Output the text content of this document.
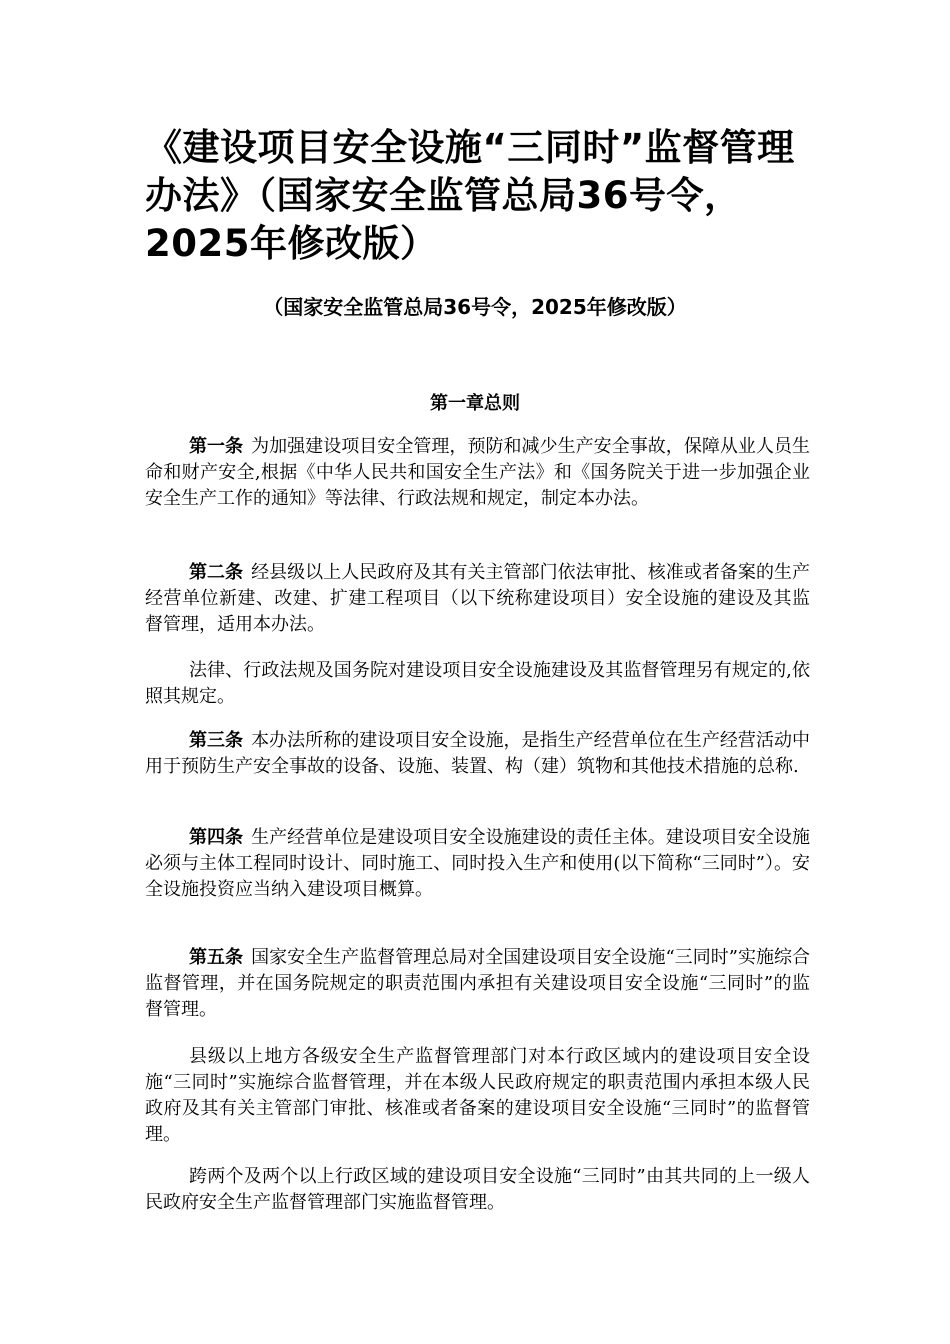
《建设项目安全设施“三同时”监督管理办法》（国家安全监管总局36号令，2025年修改版）

（国家安全监管总局36号令，2025年修改版）

第一章总则

第一条 为加强建设项目安全管理，预防和减少生产安全事故，保障从业人员生命和财产安全,根据《中华人民共和国安全生产法》和《国务院关于进一步加强企业安全生产工作的通知》等法律、行政法规和规定，制定本办法。

第二条 经县级以上人民政府及其有关主管部门依法审批、核准或者备案的生产经营单位新建、改建、扩建工程项目（以下统称建设项目）安全设施的建设及其监督管理，适用本办法。

法律、行政法规及国务院对建设项目安全设施建设及其监督管理另有规定的,依照其规定。

第三条 本办法所称的建设项目安全设施，是指生产经营单位在生产经营活动中用于预防生产安全事故的设备、设施、装置、构（建）筑物和其他技术措施的总称.

第四条 生产经营单位是建设项目安全设施建设的责任主体。建设项目安全设施必须与主体工程同时设计、同时施工、同时投入生产和使用(以下简称“三同时”）。安全设施投资应当纳入建设项目概算。

第五条 国家安全生产监督管理总局对全国建设项目安全设施“三同时”实施综合监督管理，并在国务院规定的职责范围内承担有关建设项目安全设施“三同时”的监督管理。

县级以上地方各级安全生产监督管理部门对本行政区域内的建设项目安全设施“三同时”实施综合监督管理，并在本级人民政府规定的职责范围内承担本级人民政府及其有关主管部门审批、核准或者备案的建设项目安全设施“三同时”的监督管理。

跨两个及两个以上行政区域的建设项目安全设施“三同时”由其共同的上一级人民政府安全生产监督管理部门实施监督管理。
